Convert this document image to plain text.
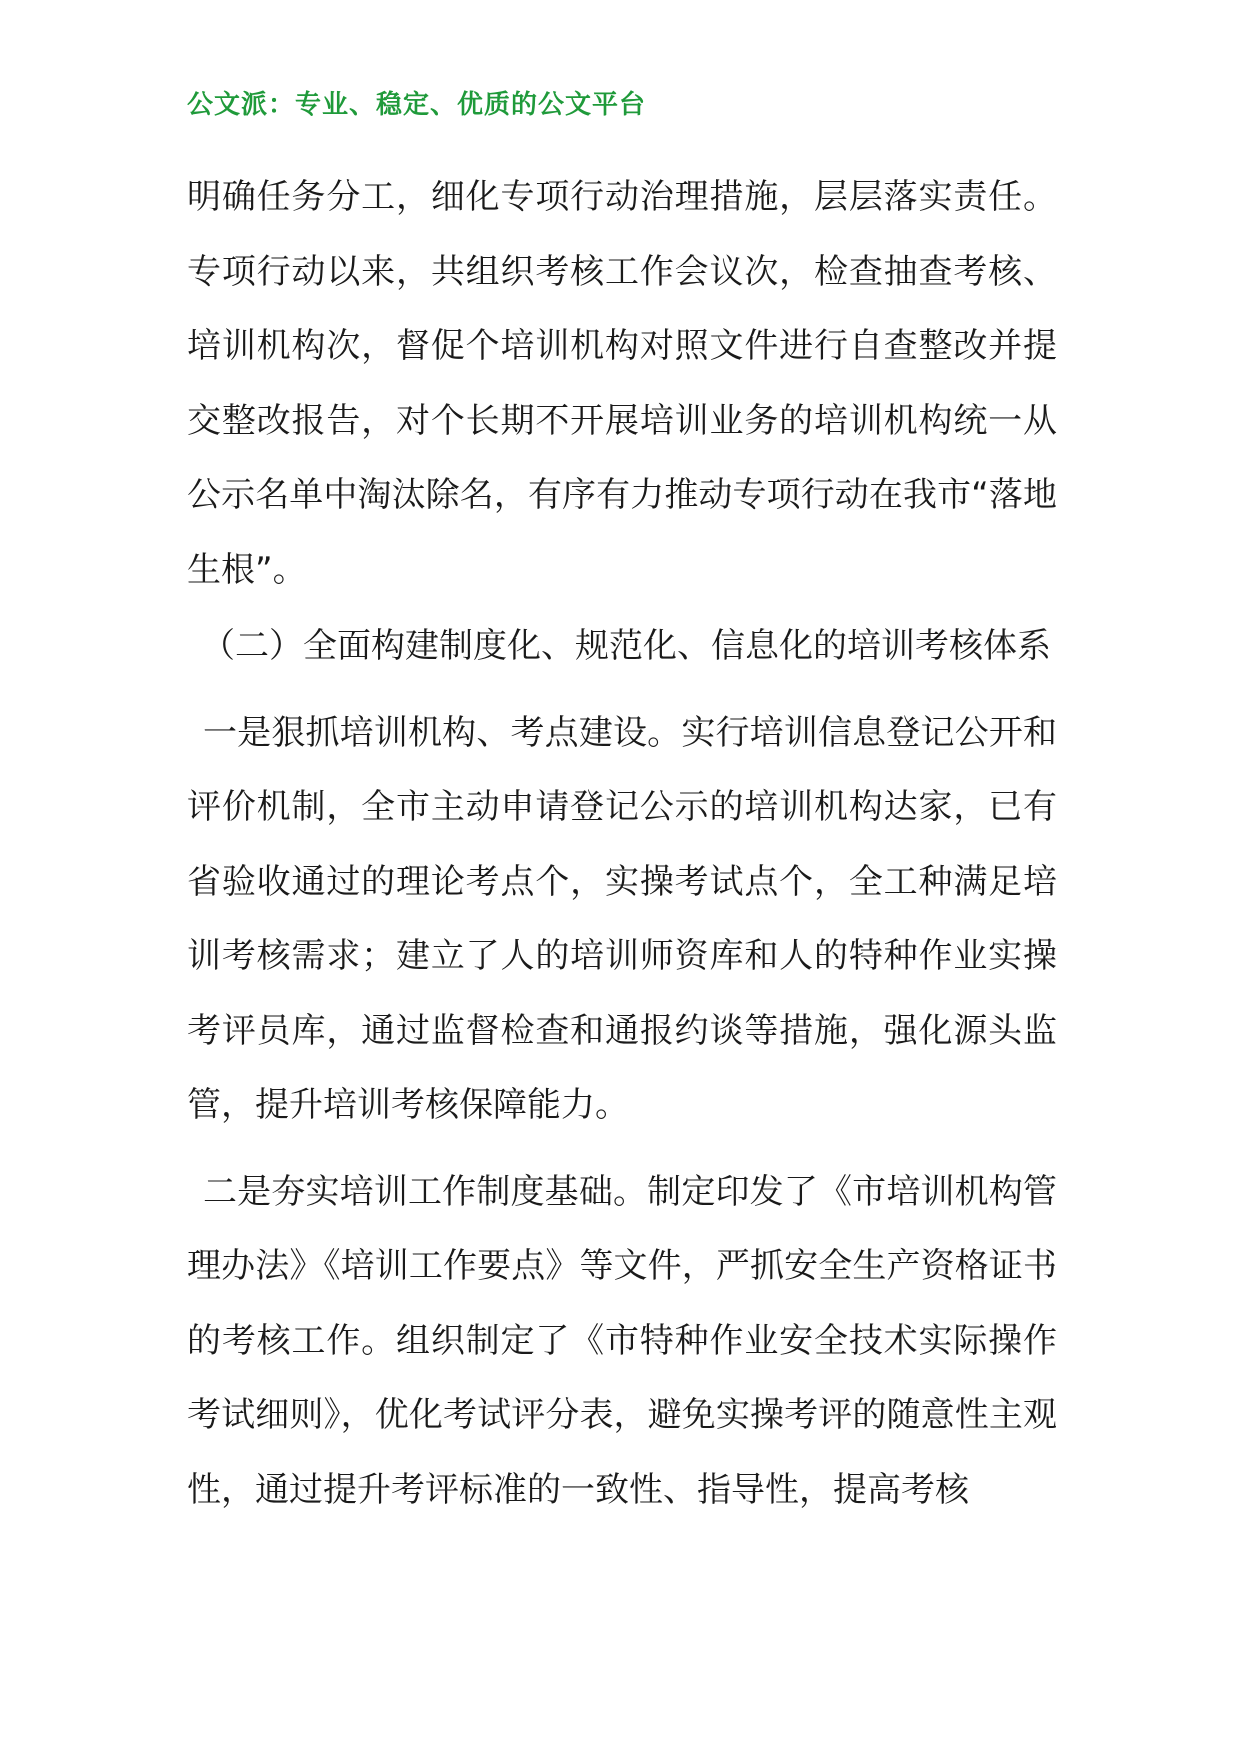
公文派：专业、稳定、优质的公文平台

明确任务分工，细化专项行动治理措施，层层落实责任。专项行动以来，共组织考核工作会议次，检查抽查考核、培训机构次，督促个培训机构对照文件进行自查整改并提交整改报告，对个长期不开展培训业务的培训机构统一从公示名单中淘汰除名，有序有力推动专项行动在我市“落地生根”。

（二）全面构建制度化、规范化、信息化的培训考核体系

一是狠抓培训机构、考点建设。实行培训信息登记公开和评价机制，全市主动申请登记公示的培训机构达家，已有省验收通过的理论考点个，实操考试点个，全工种满足培训考核需求；建立了人的培训师资库和人的特种作业实操考评员库，通过监督检查和通报约谈等措施，强化源头监管，提升培训考核保障能力。

二是夯实培训工作制度基础。制定印发了《市培训机构管理办法》《培训工作要点》等文件，严抓安全生产资格证书的考核工作。组织制定了《市特种作业安全技术实际操作考试细则》，优化考试评分表，避免实操考评的随意性主观性，通过提升考评标准的一致性、指导性，提高考核
